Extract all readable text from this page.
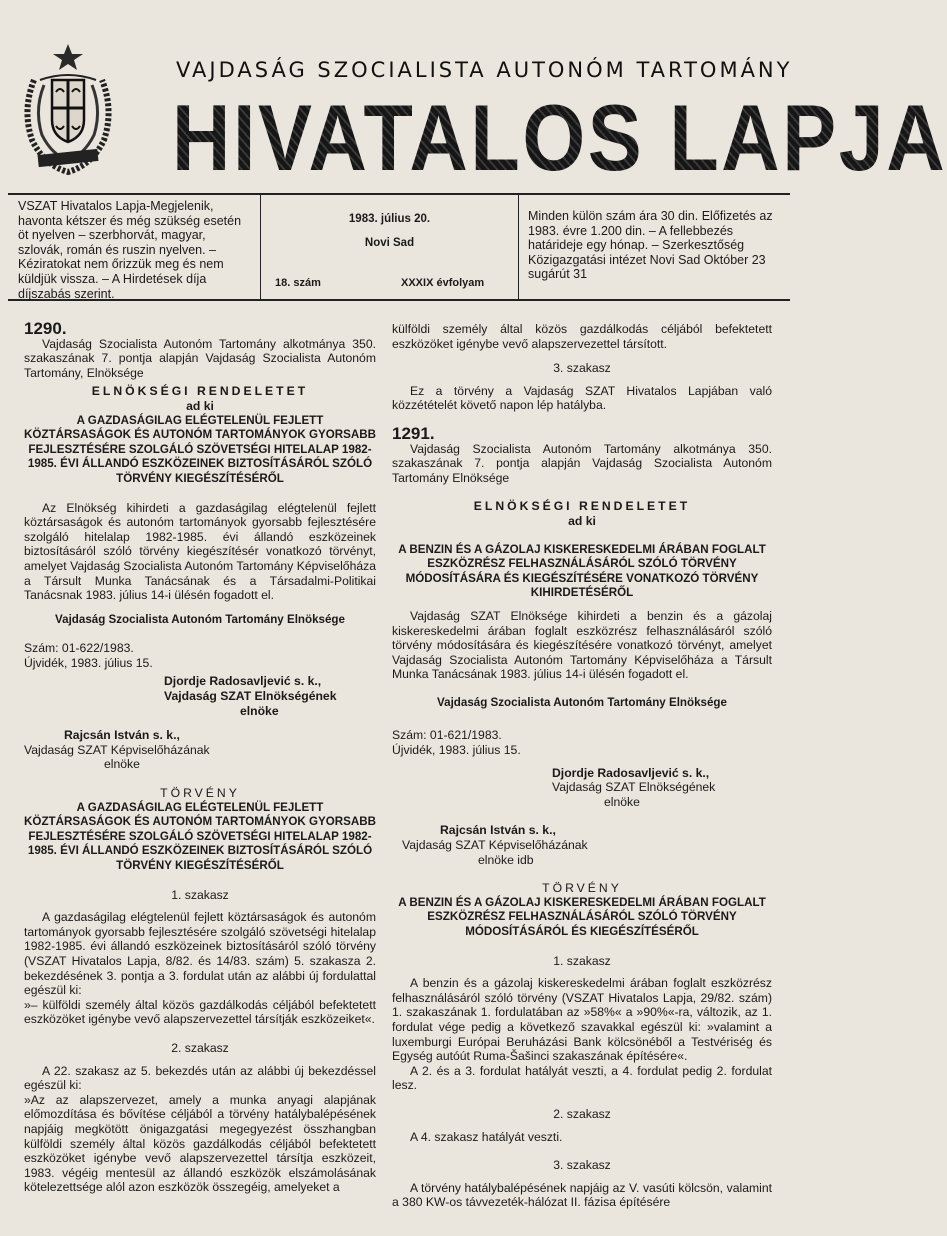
VAJDASÁG SZOCIALISTA AUTONÓM TARTOMÁNY
HIVATALOS LAPJA
VSZAT Hivatalos Lapja-Megjelenik, havonta kétszer és még szükség esetén öt nyelven – szerbhorvát, magyar, szlovák, román és ruszin nyelven. – Kéziratokat nem őrizzük meg és nem küldjük vissza. – A Hirdetések díja díjszabás szerint.
1983. július 20.
Novi Sad
18. szám	XXXIX évfolyam
Minden külön szám ára 30 din. Előfizetés az 1983. évre 1.200 din. – A fellebbezés határideje egy hónap. – Szerkesztőség Közigazgatási intézet Novi Sad Október 23 sugárút 31

1290.

Vajdaság Szocialista Autonóm Tartomány alkotmánya 350. szakaszának 7. pontja alapján Vajdaság Szocialista Autonóm Tartomány, Elnöksége

ELNÖKSÉGI RENDELETET

ad ki

A GAZDASÁGILAG ELÉGTELENÜL FEJLETT KÖZTÁRSASÁGOK ÉS AUTONÓM TARTOMÁNYOK GYORSABB FEJLESZTÉSÉRE SZOLGÁLÓ SZÖVETSÉGI HITELALAP 1982-1985. ÉVI ÁLLANDÓ ESZKÖZEINEK BIZTOSÍTÁSÁRÓL SZÓLÓ TÖRVÉNY KIEGÉSZÍTÉSÉRŐL

Az Elnökség kihirdeti a gazdaságilag elégtelenül fejlett köztársaságok és autonóm tartományok gyorsabb fejlesztésére szolgáló hitelalap 1982-1985. évi állandó eszközeinek biztosításáról szóló törvény kiegészítésér vonatkozó törvényt, amelyet Vajdaság Szocialista Autonóm Tartomány Képviselőháza a Társult Munka Tanácsának és a Társadalmi-Politikai Tanácsnak 1983. július 14-i ülésén fogadott el.

Vajdaság Szocialista Autonóm Tartomány Elnöksége

Szám: 01-622/1983.

Újvidék, 1983. július 15.

Djordje Radosavljević s. k.,

Vajdaság SZAT Elnökségének

elnöke

Rajcsán István s. k.,

Vajdaság SZAT Képviselőházának

elnöke

TÖRVÉNY

A GAZDASÁGILAG ELÉGTELENÜL FEJLETT KÖZTÁRSASÁGOK ÉS AUTONÓM TARTOMÁNYOK GYORSABB FEJLESZTÉSÉRE SZOLGÁLÓ SZÖVETSÉGI HITELALAP 1982-1985. ÉVI ÁLLANDÓ ESZKÖZEINEK BIZTOSÍTÁSÁRÓL SZÓLÓ TÖRVÉNY KIEGÉSZÍTÉSÉRŐL

1. szakasz

A gazdaságilag elégtelenül fejlett köztársaságok és autonóm tartományok gyorsabb fejlesztésére szolgáló szövetségi hitelalap 1982-1985. évi állandó eszközeinek biztosításáról szóló törvény (VSZAT Hivatalos Lapja, 8/82. és 14/83. szám) 5. szakasza 2. bekezdésének 3. pontja a 3. fordulat után az alábbi új fordulattal egészül ki:

»– külföldi személy által közös gazdálkodás céljából befektetett eszközöket igénybe vevő alapszervezettel társítják eszközeiket«.

2. szakasz

A 22. szakasz az 5. bekezdés után az alábbi új bekezdéssel egészül ki:

»Az az alapszervezet, amely a munka anyagi alapjának előmozdítása és bővítése céljából a törvény hatálybalépésének napjáig megkötött önigazgatási megegyezést összhangban külföldi személy által közös gazdálkodás céljából befektetett eszközöket igénybe vevő alapszervezettel társítja eszközeit, 1983. végéig mentesül az állandó eszközök elszámolásának kötelezettsége alól azon eszközök összegéig, amelyeket a

külföldi személy által közös gazdálkodás céljából befektetett eszközöket igénybe vevő alapszervezettel társított.

3. szakasz

Ez a törvény a Vajdaság SZAT Hivatalos Lapjában való közzétételét követő napon lép hatályba.

1291.

Vajdaság Szocialista Autonóm Tartomány alkotmánya 350. szakaszának 7. pontja alapján Vajdaság Szocialista Autonóm Tartomány Elnöksége

ELNÖKSÉGI RENDELETET

ad ki

A BENZIN ÉS A GÁZOLAJ KISKERESKEDELMI ÁRÁBAN FOGLALT ESZKÖZRÉSZ FELHASZNÁLÁSÁRÓL SZÓLÓ TÖRVÉNY MÓDOSÍTÁSÁRA ÉS KIEGÉSZÍTÉSÉRE VONATKOZÓ TÖRVÉNY KIHIRDETÉSÉRŐL

Vajdaság SZAT Elnöksége kihirdeti a benzin és a gázolaj kiskereskedelmi árában foglalt eszközrész felhasználásáról szóló törvény módosítására és kiegészítésére vonatkozó törvényt, amelyet Vajdaság Szocialista Autonóm Tartomány Képviselőháza a Társult Munka Tanácsának 1983. július 14-i ülésén fogadott el.

Vajdaság Szocialista Autonóm Tartomány Elnöksége

Szám: 01-621/1983.

Újvidék, 1983. július 15.

Djordje Radosavljević s. k.,

Vajdaság SZAT Elnökségének

elnöke

Rajcsán István s. k.,

Vajdaság SZAT Képviselőházának

elnöke idb

TÖRVÉNY

A BENZIN ÉS A GÁZOLAJ KISKERESKEDELMI ÁRÁBAN FOGLALT ESZKÖZRÉSZ FELHASZNÁLÁSÁRÓL SZÓLÓ TÖRVÉNY MÓDOSÍTÁSÁRÓL ÉS KIEGÉSZÍTÉSÉRŐL

1. szakasz

A benzin és a gázolaj kiskereskedelmi árában foglalt eszközrész felhasználásáról szóló törvény (VSZAT Hivatalos Lapja, 29/82. szám) 1. szakaszának 1. fordulatában az »58%« a »90%«-ra, változik, az 1. fordulat vége pedig a következő szavakkal egészül ki: »valamint a luxemburgi Európai Beruházási Bank kölcsönéből a Testvériség és Egység autóút Ruma-Šašinci szakaszának építésére«.

A 2. és a 3. fordulat hatályát veszti, a 4. fordulat pedig 2. fordulat lesz.

2. szakasz

A 4. szakasz hatályát veszti.

3. szakasz

A törvény hatálybalépésének napjáig az V. vasúti kölcsön, valamint a 380 KW-os távvezeték-hálózat II. fázisa építésére
